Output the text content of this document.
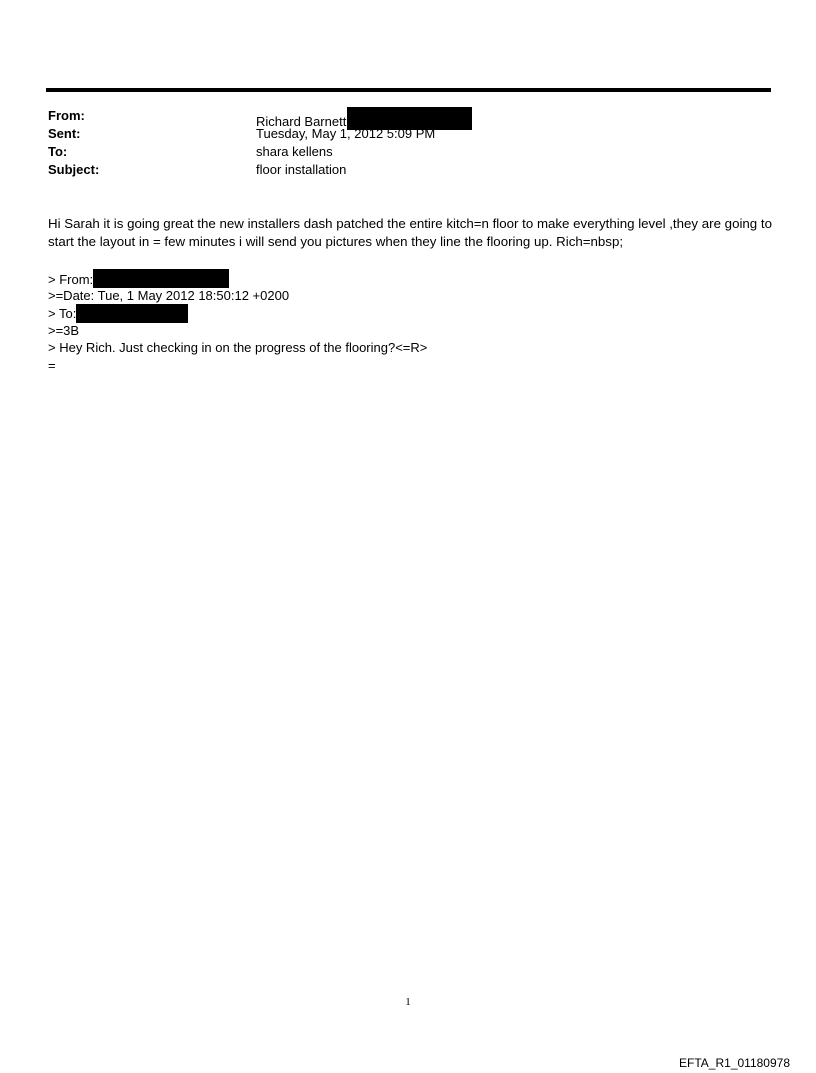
From:	Richard Barnett
Sent:	Tuesday, May 1, 2012 5:09 PM
To:	shara kellens
Subject:	floor installation
Hi Sarah it is going great the new installers dash patched the entire kitch=n floor to make everything level ,they are going to start the layout in = few minutes i will send you pictures when they line the flooring up. Rich=nbsp;
> From:
>=Date: Tue, 1 May 2012 18:50:12 +0200
> To:
>=3B
> Hey Rich. Just checking in on the progress of the flooring?<=R>
=
1
EFTA_R1_01180978
